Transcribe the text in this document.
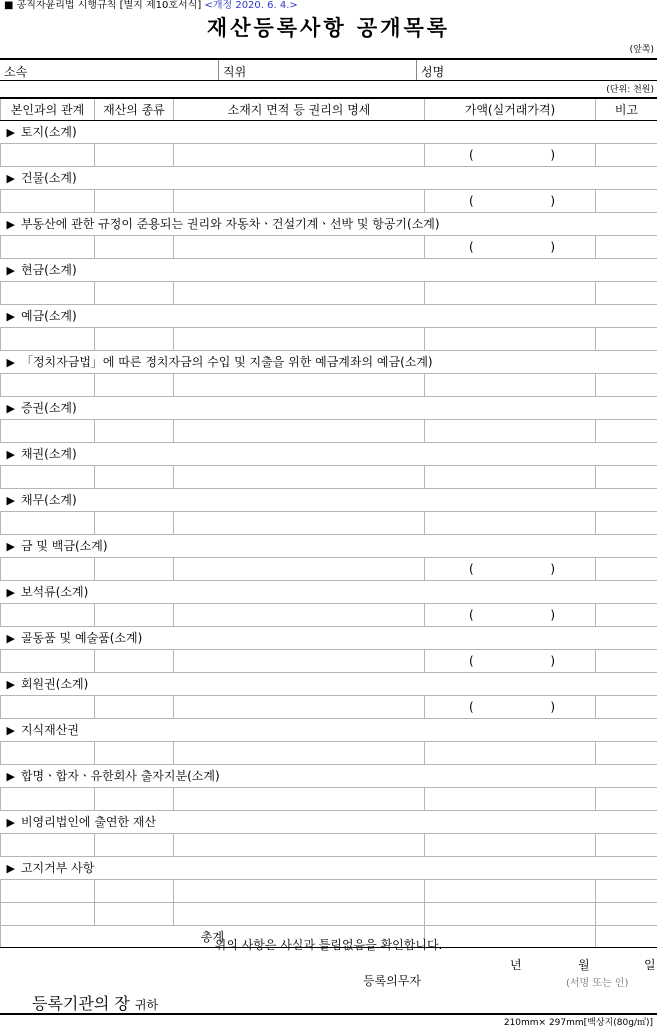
■ 공직자윤리법 시행규칙 [별지 제10호서식] <개정 2020. 6. 4.>
재산등록사항 공개목록
(앞쪽)
소속	직위	성명
(단위: 천원)
본인과의 관계	재산의 종류	소재지 면적 등 권리의 명세	가액(실거래가격)	비고
▶ 토지(소계)				

			( )	

▶ 건물(소계)				

			( )	

▶ 부동산에 관한 규정이 준용되는 권리와 자동차ㆍ건설기계ㆍ선박 및 항공기(소계)				

			( )	

▶ 현금(소계)				

▶ 예금(소계)				

▶ 「정치자금법」에 따른 정치자금의 수입 및 지출을 위한 예금계좌의 예금(소계)				

▶ 증권(소계)				

▶ 채권(소계)				

▶ 채무(소계)				

▶ 금 및 백금(소계)				

			( )	

▶ 보석류(소계)				

			( )	

▶ 골동품 및 예술품(소계)				

			( )	

▶ 회원권(소계)				

			( )	

▶ 지식재산권				

▶ 합명ㆍ합자ㆍ유한회사 출자지분(소계)				

▶ 비영리법인에 출연한 재산				

▶ 고지거부 사항				

총계				
위의 사항은 사실과 틀림없음을 확인합니다.
년	월	일
등록의무자	(서명 또는 인)
등록기관의 장 귀하
210mm× 297mm[백상지(80g/㎡)]
